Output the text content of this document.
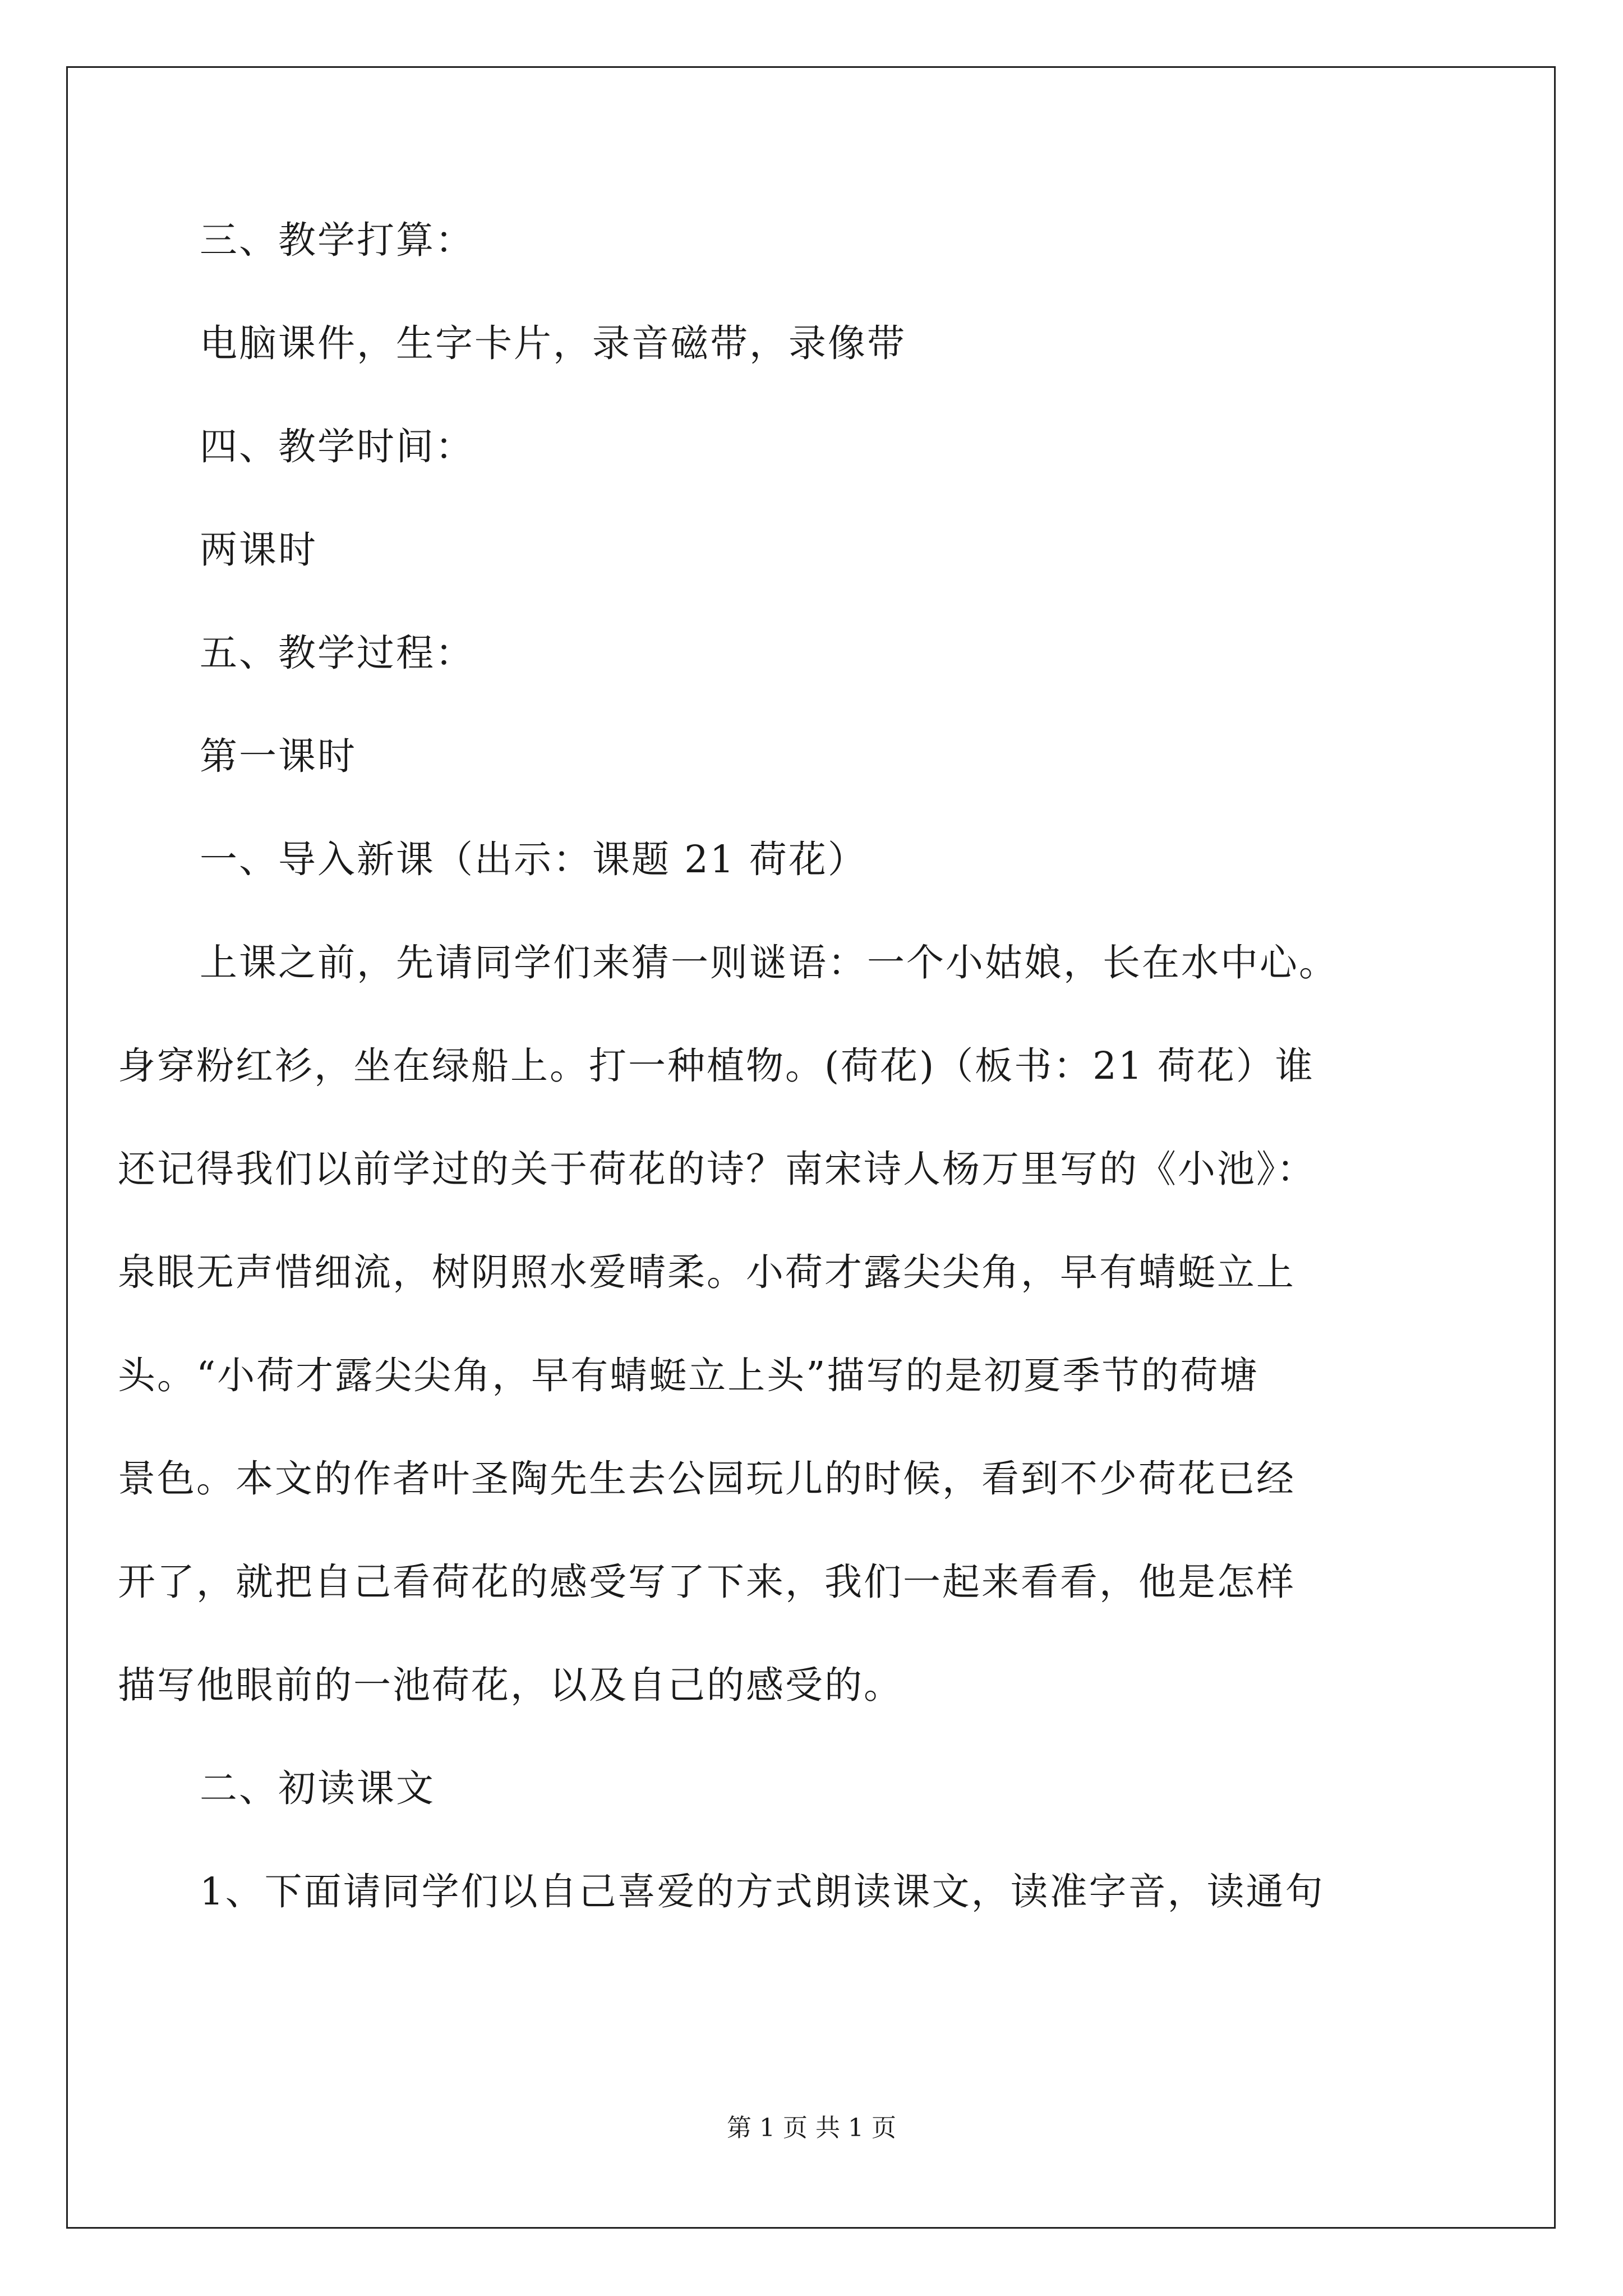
三、教学打算：
电脑课件，生字卡片，录音磁带，录像带
四、教学时间：
两课时
五、教学过程：
第一课时
一、导入新课（出示：课题 21 荷花）
上课之前，先请同学们来猜一则谜语：一个小姑娘，长在水中心。
身穿粉红衫，坐在绿船上。打一种植物。(荷花)（板书：21 荷花）谁
还记得我们以前学过的关于荷花的诗？南宋诗人杨万里写的《小池》：
泉眼无声惜细流，树阴照水爱晴柔。小荷才露尖尖角，早有蜻蜓立上
头。“小荷才露尖尖角，早有蜻蜓立上头”描写的是初夏季节的荷塘
景色。本文的作者叶圣陶先生去公园玩儿的时候，看到不少荷花已经
开了，就把自己看荷花的感受写了下来，我们一起来看看，他是怎样
描写他眼前的一池荷花，以及自己的感受的。
二、初读课文
1、下面请同学们以自己喜爱的方式朗读课文，读准字音，读通句
第 1 页 共 1 页
